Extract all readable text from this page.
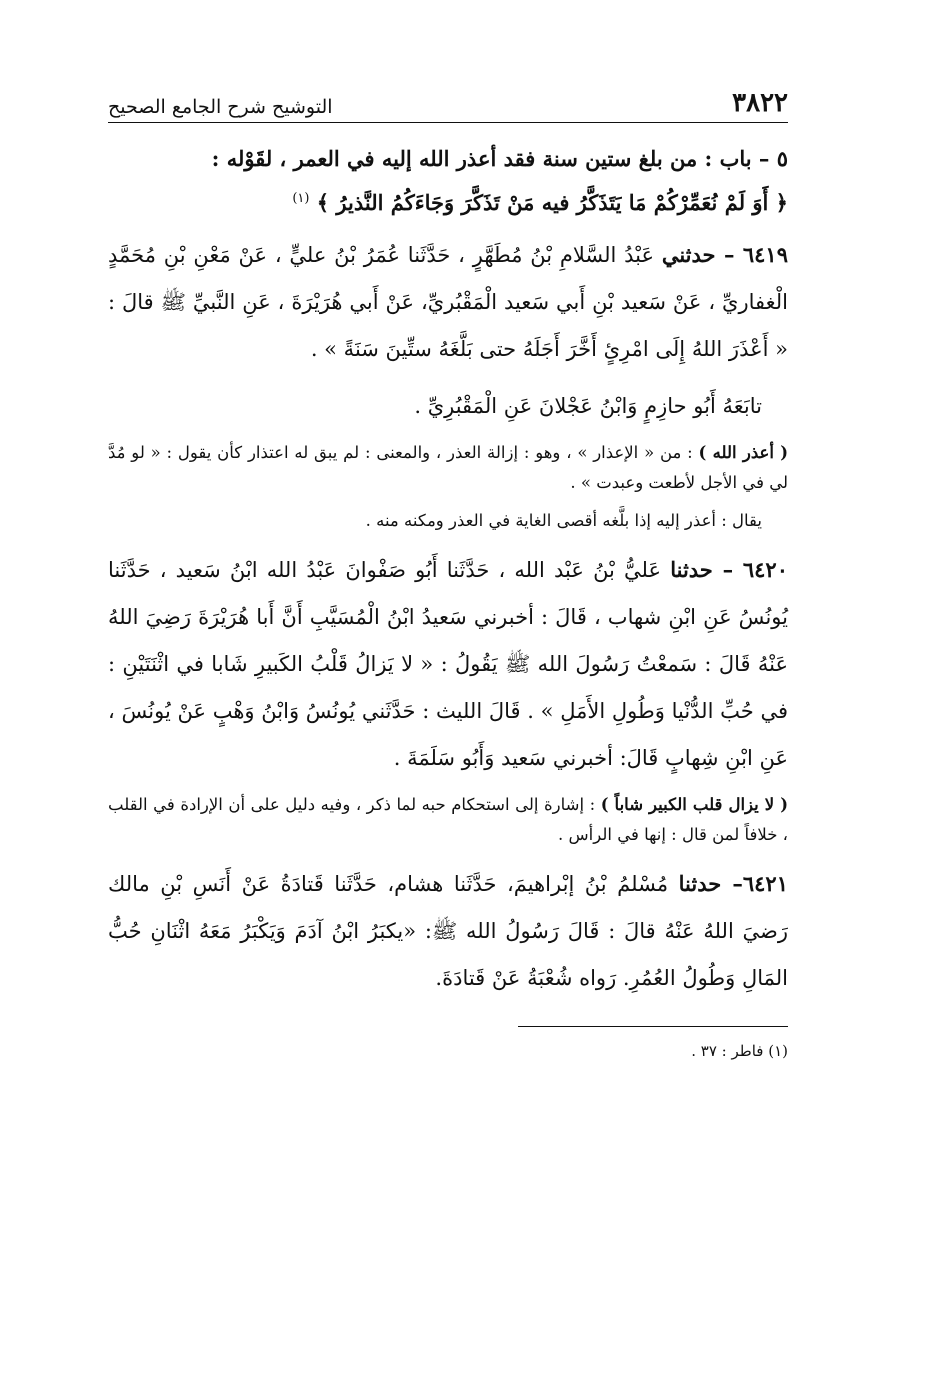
٣٨٢٢
التوشيح شرح الجامع الصحيح
٥ – باب : من بلغ ستين سنة فقد أعذر الله إليه في العمر ، لقَوْله :
﴿ أَوَ لَمْ نُعَمِّرْكُمْ مَا يَتَذَكَّرُ فيه مَنْ تَذَكَّرَ وَجَاءَكُمُ النَّذيرُ ﴾ $^{(١)}$
٦٤١٩ – حدثني عَبْدُ السَّلامِ بْنُ مُطَهَّرٍ ، حَدَّثَنا عُمَرُ بْنُ عليٍّ ، عَنْ مَعْنِ بْنِ مُحَمَّدٍ الْغفاريِّ ، عَنْ سَعيد بْنِ أَبي سَعيد الْمَقْبُريِّ، عَنْ أَبي هُرَيْرَةَ ، عَنِ النَّبيِّ ﷺ قالَ : « أَعْذَرَ اللهُ إِلَى امْرِئٍ أَخَّرَ أَجَلَهُ حتى بَلَّغَهُ ستِّينَ سَنَةً » .
تابَعَهُ أَبُو حازِمٍ وَابْنُ عَجْلانَ عَنِ الْمَقْبُرِيِّ .
( أعذر الله ) : من « الإعذار » ، وهو : إزالة العذر ، والمعنى : لم يبق له اعتذار كأن يقول : « لو مُدَّ لي في الأجل لأطعت وعبدت » .
يقال : أعذر إليه إذا بلَّغه أقصى الغاية في العذر ومكنه منه .
٦٤٢٠ – حدثنا عَليُّ بْنُ عَبْد الله ، حَدَّثَنا أَبُو صَفْوانَ عَبْدُ الله ابْنُ سَعيد ، حَدَّثَنا يُونُسُ عَنِ ابْنِ شهاب ، قَالَ : أخبرني سَعيدُ ابْنُ الْمُسَيَّبِ أَنَّ أَبا هُرَيْرَةَ رَضِيَ اللهُ عَنْهُ قَالَ : سَمعْتُ رَسُولَ الله ﷺ يَقُولُ : « لا يَزالُ قَلْبُ الكَبيرِ شَابا في اثْنَتَيْنِ : في حُبِّ الدُّنْيا وَطُولِ الأَمَلِ » . قَالَ الليث : حَدَّثَني يُونُسُ وَابْنُ وَهْبٍ عَنْ يُونُسَ ، عَنِ ابْنِ شِهابٍ قَالَ: أخبرني سَعيد وَأَبُو سَلَمَةَ .
( لا يزال قلب الكبير شاباً ) : إشارة إلى استحكام حبه لما ذكر ، وفيه دليل على أن الإرادة في القلب ، خلافاً لمن قال : إنها في الرأس .
٦٤٢١– حدثنا مُسْلمُ بْنُ إبْراهيمَ، حَدَّثَنا هشام، حَدَّثَنا قَتادَةُ عَنْ أَنَسِ بْنِ مالك رَضيَ اللهُ عَنْهُ قالَ : قَالَ رَسُولُ الله ﷺ: «يكبَرُ ابْنُ آدَمَ وَيَكْبَرُ مَعَهُ اثْنَانِ حُبُّ المَالِ وَطُولُ العُمُرِ. رَواه شُعْبَةُ عَنْ قَتادَةَ.
(١) فاطر : ٣٧ .
